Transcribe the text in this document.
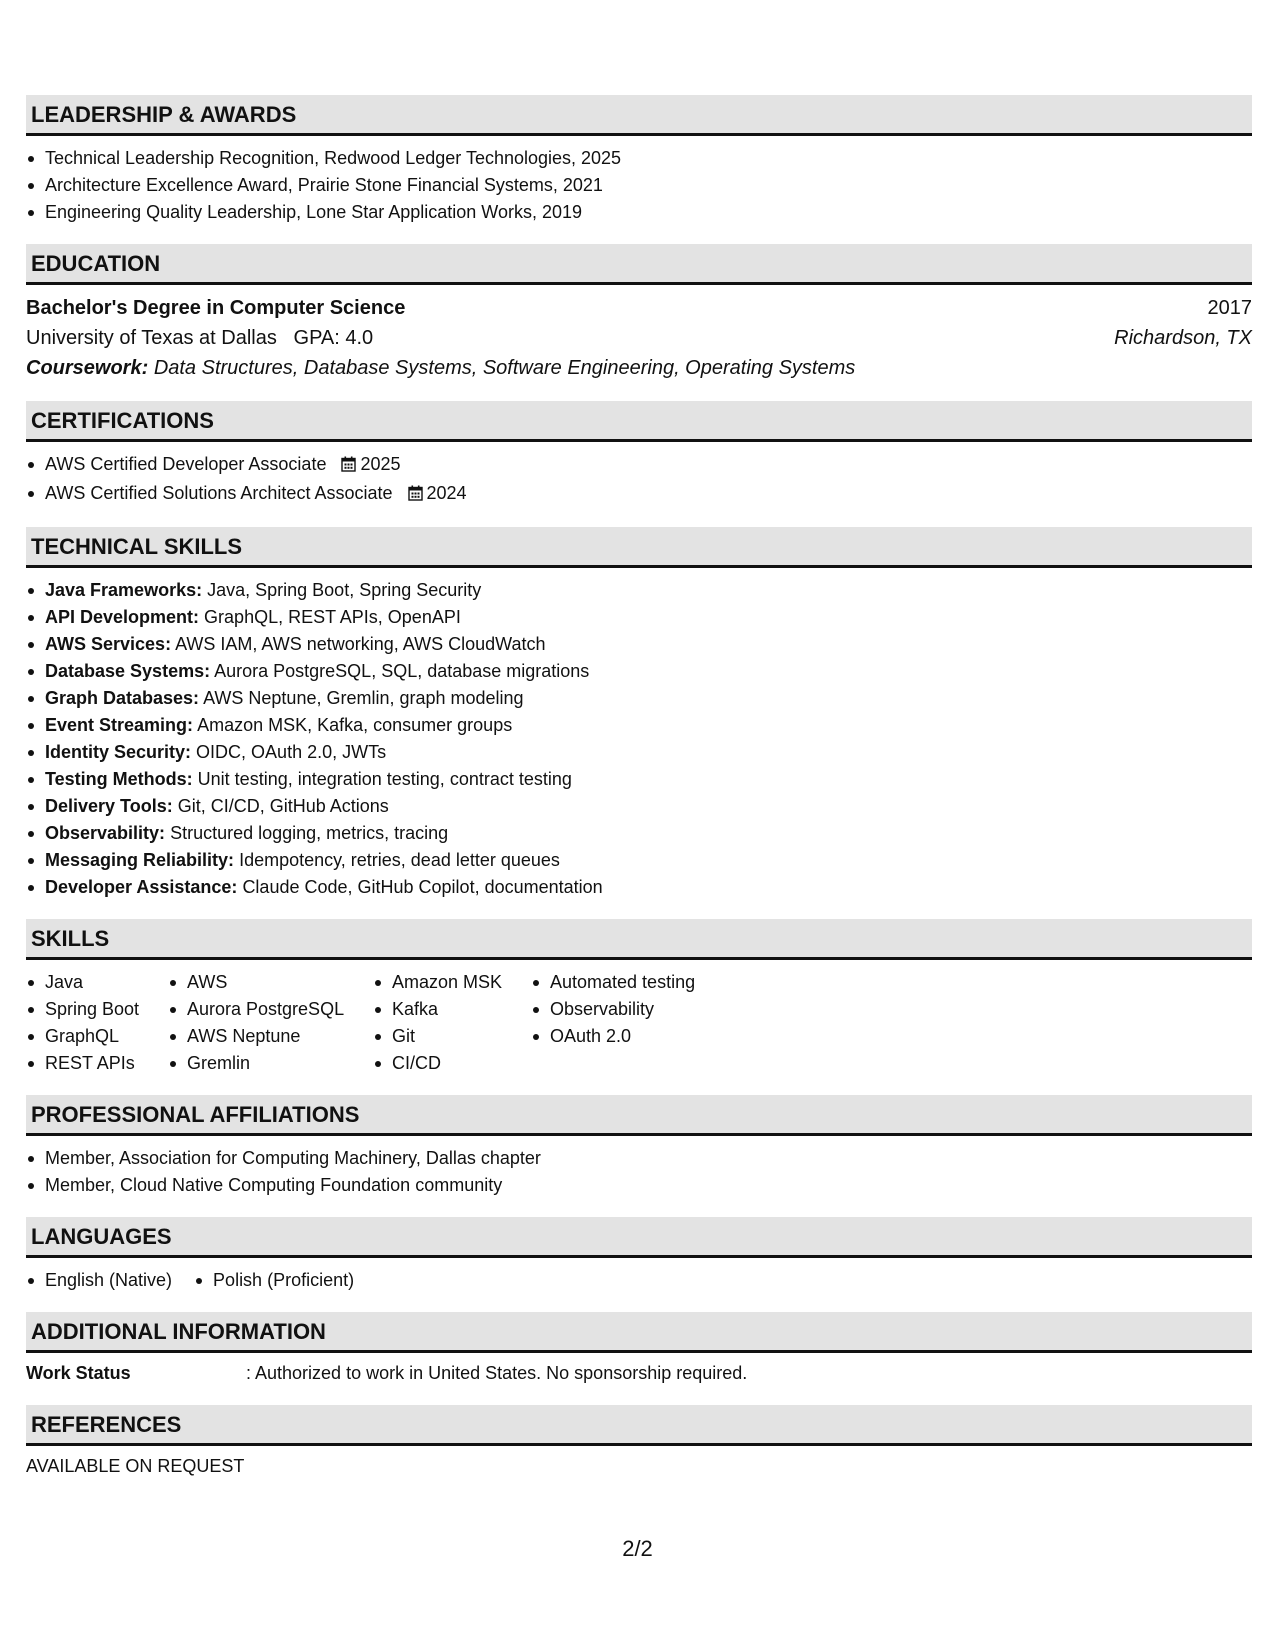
LEADERSHIP & AWARDS
Technical Leadership Recognition, Redwood Ledger Technologies, 2025
Architecture Excellence Award, Prairie Stone Financial Systems, 2021
Engineering Quality Leadership, Lone Star Application Works, 2019
EDUCATION
Bachelor's Degree in Computer Science	2017
University of Texas at Dallas GPA: 4.0	Richardson, TX
Coursework: Data Structures, Database Systems, Software Engineering, Operating Systems
CERTIFICATIONS
AWS Certified Developer Associate 2025
AWS Certified Solutions Architect Associate 2024
TECHNICAL SKILLS
Java Frameworks: Java, Spring Boot, Spring Security
API Development: GraphQL, REST APIs, OpenAPI
AWS Services: AWS IAM, AWS networking, AWS CloudWatch
Database Systems: Aurora PostgreSQL, SQL, database migrations
Graph Databases: AWS Neptune, Gremlin, graph modeling
Event Streaming: Amazon MSK, Kafka, consumer groups
Identity Security: OIDC, OAuth 2.0, JWTs
Testing Methods: Unit testing, integration testing, contract testing
Delivery Tools: Git, CI/CD, GitHub Actions
Observability: Structured logging, metrics, tracing
Messaging Reliability: Idempotency, retries, dead letter queues
Developer Assistance: Claude Code, GitHub Copilot, documentation
SKILLS
Java
Spring Boot
GraphQL
REST APIs
AWS
Aurora PostgreSQL
AWS Neptune
Gremlin
Amazon MSK
Kafka
Git
CI/CD
Automated testing
Observability
OAuth 2.0
PROFESSIONAL AFFILIATIONS
Member, Association for Computing Machinery, Dallas chapter
Member, Cloud Native Computing Foundation community
LANGUAGES
English (Native)	Polish (Proficient)
ADDITIONAL INFORMATION
Work Status	: Authorized to work in United States. No sponsorship required.
REFERENCES
AVAILABLE ON REQUEST
2/2
